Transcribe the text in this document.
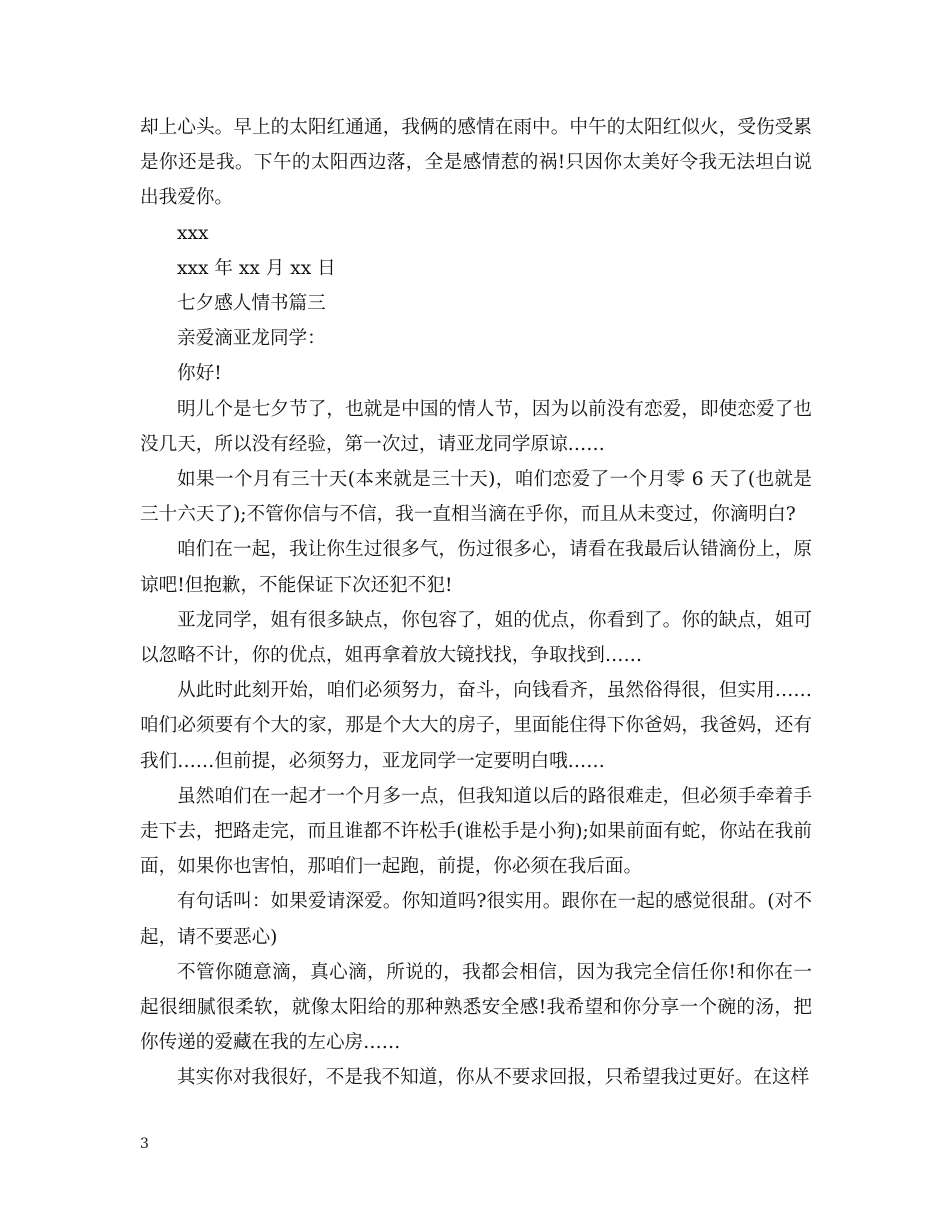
却上心头。早上的太阳红通通，我俩的感情在雨中。中午的太阳红似火，受伤受累是你还是我。下午的太阳西边落，全是感情惹的祸!只因你太美好令我无法坦白说出我爱你。

xxx

xxx 年 xx 月 xx 日

七夕感人情书篇三

亲爱滴亚龙同学：

你好!

明儿个是七夕节了，也就是中国的情人节，因为以前没有恋爱，即使恋爱了也没几天，所以没有经验，第一次过，请亚龙同学原谅……

如果一个月有三十天(本来就是三十天)，咱们恋爱了一个月零 6 天了(也就是三十六天了);不管你信与不信，我一直相当滴在乎你，而且从未变过，你滴明白?

咱们在一起，我让你生过很多气，伤过很多心，请看在我最后认错滴份上，原谅吧!但抱歉，不能保证下次还犯不犯!

亚龙同学，姐有很多缺点，你包容了，姐的优点，你看到了。你的缺点，姐可以忽略不计，你的优点，姐再拿着放大镜找找，争取找到……

从此时此刻开始，咱们必须努力，奋斗，向钱看齐，虽然俗得很，但实用……咱们必须要有个大的家，那是个大大的房子，里面能住得下你爸妈，我爸妈，还有我们……但前提，必须努力，亚龙同学一定要明白哦……

虽然咱们在一起才一个月多一点，但我知道以后的路很难走，但必须手牵着手走下去，把路走完，而且谁都不许松手(谁松手是小狗);如果前面有蛇，你站在我前面，如果你也害怕，那咱们一起跑，前提，你必须在我后面。

有句话叫：如果爱请深爱。你知道吗?很实用。跟你在一起的感觉很甜。(对不起，请不要恶心)

不管你随意滴，真心滴，所说的，我都会相信，因为我完全信任你!和你在一起很细腻很柔软，就像太阳给的那种熟悉安全感!我希望和你分享一个碗的汤，把你传递的爱藏在我的左心房……

其实你对我很好，不是我不知道，你从不要求回报，只希望我过更好。在这样

3
